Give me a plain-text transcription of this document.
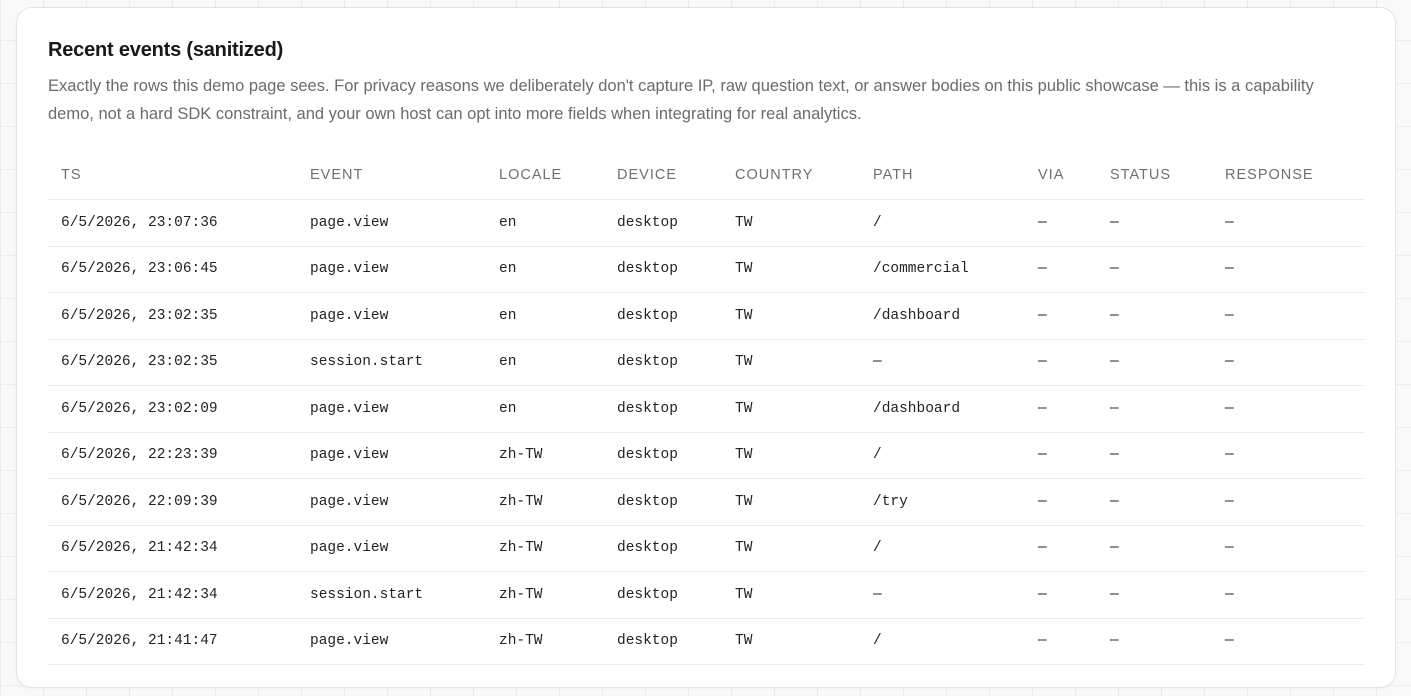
Recent events (sanitized)

Exactly the rows this demo page sees. For privacy reasons we deliberately don't capture IP, raw question text, or answer bodies on this public showcase — this is a capability demo, not a hard SDK constraint, and your own host can opt into more fields when integrating for real analytics.

TS	EVENT	LOCALE	DEVICE	COUNTRY	PATH	VIA	STATUS	RESPONSE
6/5/2026, 23:07:36	page.view	en	desktop	TW	/	—	—	—
6/5/2026, 23:06:45	page.view	en	desktop	TW	/commercial	—	—	—
6/5/2026, 23:02:35	page.view	en	desktop	TW	/dashboard	—	—	—
6/5/2026, 23:02:35	session.start	en	desktop	TW	—	—	—	—
6/5/2026, 23:02:09	page.view	en	desktop	TW	/dashboard	—	—	—
6/5/2026, 22:23:39	page.view	zh-TW	desktop	TW	/	—	—	—
6/5/2026, 22:09:39	page.view	zh-TW	desktop	TW	/try	—	—	—
6/5/2026, 21:42:34	page.view	zh-TW	desktop	TW	/	—	—	—
6/5/2026, 21:42:34	session.start	zh-TW	desktop	TW	—	—	—	—
6/5/2026, 21:41:47	page.view	zh-TW	desktop	TW	/	—	—	—
